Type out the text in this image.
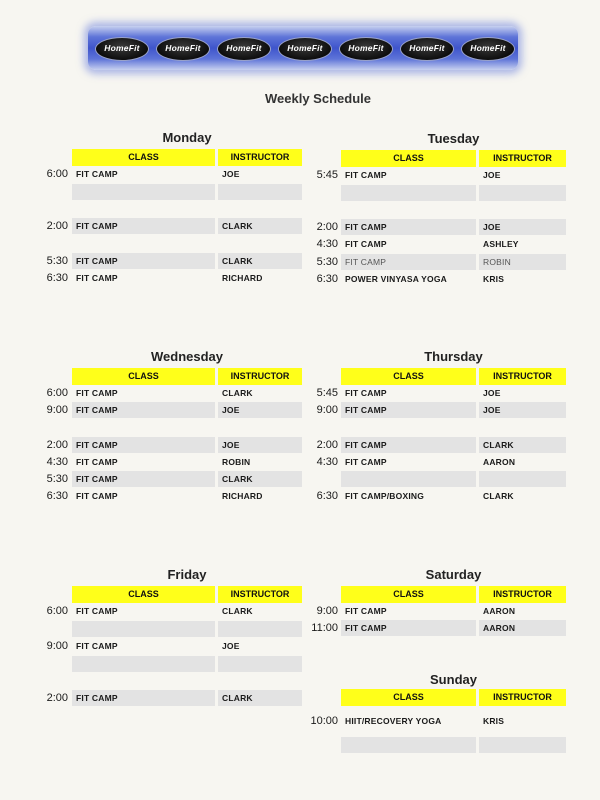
HomeFit	HomeFit	HomeFit	HomeFit	HomeFit	HomeFit	HomeFit
Weekly Schedule
Monday
CLASS	INSTRUCTOR
6:00 FIT CAMP	JOE
2:00 FIT CAMP	CLARK
5:30 FIT CAMP	CLARK
6:30 FIT CAMP	RICHARD
Tuesday
CLASS	INSTRUCTOR
5:45 FIT CAMP	JOE
2:00 FIT CAMP	JOE
4:30 FIT CAMP	ASHLEY
5:30 FIT CAMP	ROBIN
6:30 POWER VINYASA YOGA	KRIS
Wednesday
CLASS	INSTRUCTOR
6:00 FIT CAMP	CLARK
9:00 FIT CAMP	JOE
2:00 FIT CAMP	JOE
4:30 FIT CAMP	ROBIN
5:30 FIT CAMP	CLARK
6:30 FIT CAMP	RICHARD
Thursday
CLASS	INSTRUCTOR
5:45 FIT CAMP	JOE
9:00 FIT CAMP	JOE
2:00 FIT CAMP	CLARK
4:30 FIT CAMP	AARON
6:30 FIT CAMP/BOXING	CLARK
Friday
CLASS	INSTRUCTOR
6:00 FIT CAMP	CLARK
9:00 FIT CAMP	JOE
2:00 FIT CAMP	CLARK
Saturday
CLASS	INSTRUCTOR
9:00 FIT CAMP	AARON
11:00 FIT CAMP	AARON
Sunday
CLASS	INSTRUCTOR
10:00 HIIT/RECOVERY YOGA	KRIS
